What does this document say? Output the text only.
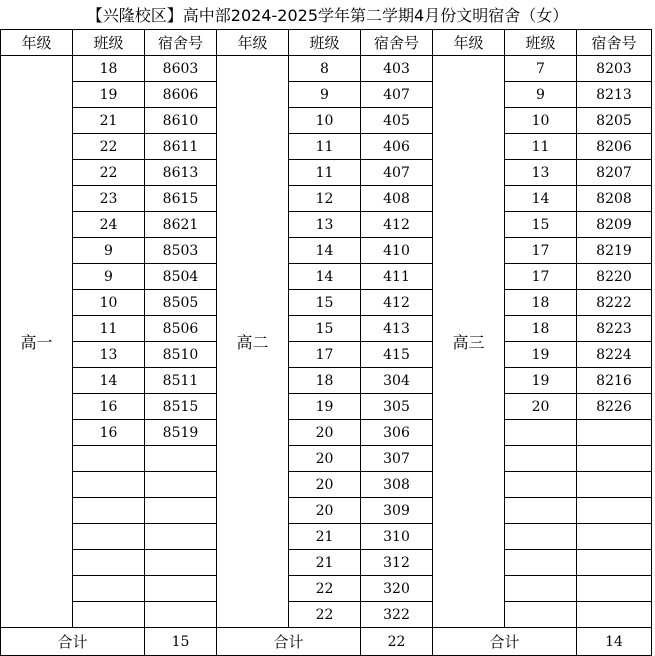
【兴隆校区】高中部2024-2025学年第二学期4月份文明宿舍（女）
年级	班级	宿舍号	年级	班级	宿舍号	年级	班级	宿舍号
高一	18	8603	高二	8	403	高三	7	8203
	19	8606		9	407		9	8213
	21	8610		10	405		10	8205
	22	8611		11	406		11	8206
	22	8613		11	407		13	8207
	23	8615		12	408		14	8208
	24	8621		13	412		15	8209
	9	8503		14	410		17	8219
	9	8504		14	411		17	8220
	10	8505		15	412		18	8222
	11	8506		15	413		18	8223
	13	8510		17	415		19	8224
	14	8511		18	304		19	8216
	16	8515		19	305		20	8226
	16	8519		20	306			
				20	307			
				20	308			
				20	309			
				21	310			
				21	312			
				22	320			
				22	322			
合计		15	合计		22	合计		14
